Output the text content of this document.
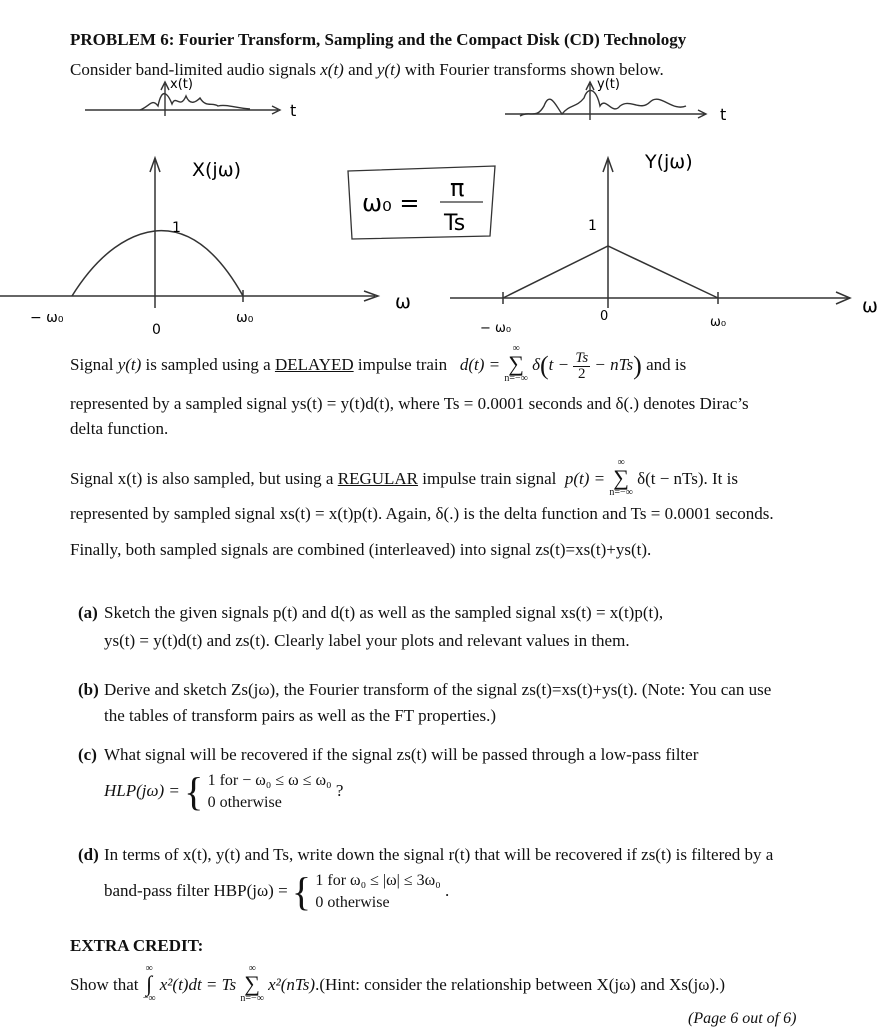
PROBLEM 6: Fourier Transform, Sampling and the Compact Disk (CD) Technology
Consider band-limited audio signals x(t) and y(t) with Fourier transforms shown below.
x(t)
t
y(t)
t
X(jω)
1
ω
− ω₀
0
ω₀
ω₀ =
π
Ts
Y(jω)
1
ω
− ω₀
0	ω₀
Signal y(t) is sampled using a DELAYED impulse train   d(t) = ∞
∑
n=−∞ $\delta(t - \frac{Ts}{2} - nTs)$ and is
represented by a sampled signal ys(t) = y(t)d(t), where Ts = 0.0001 seconds and δ(.) denotes Dirac’s
delta function.
Signal x(t) is also sampled, but using a REGULAR impulse train signal  p(t) = ∞
∑
n=−∞ δ(t − nTs). It is
represented by sampled signal xs(t) = x(t)p(t). Again, δ(.) is the delta function and Ts = 0.0001 seconds.
Finally, both sampled signals are combined (interleaved) into signal zs(t)=xs(t)+ys(t).
(a) Sketch the given signals p(t) and d(t) as well as the sampled signal xs(t) = x(t)p(t),
ys(t) = y(t)d(t) and zs(t). Clearly label your plots and relevant values in them.
(b) Derive and sketch Zs(jω), the Fourier transform of the signal zs(t)=xs(t)+ys(t). (Note: You can use
the tables of transform pairs as well as the FT properties.)
(c) What signal will be recovered if the signal zs(t) will be passed through a low-pass filter
HLP(jω) = { 1 for − ω₀ ≤ ω ≤ ω₀
0 otherwise
?
(d) In terms of x(t), y(t) and Ts, write down the signal r(t) that will be recovered if zs(t) is filtered by a
band-pass filter HBP(jω) = { 1 for ω₀ ≤ |ω| ≤ 3ω₀
0 otherwise
.
EXTRA CREDIT:
Show that ∞
∫
−∞ x²(t)dt = Ts ∞
∑
n=−∞ x²(nTs).(Hint: consider the relationship between X(jω) and Xs(jω).)
(Page 6 out of 6)
